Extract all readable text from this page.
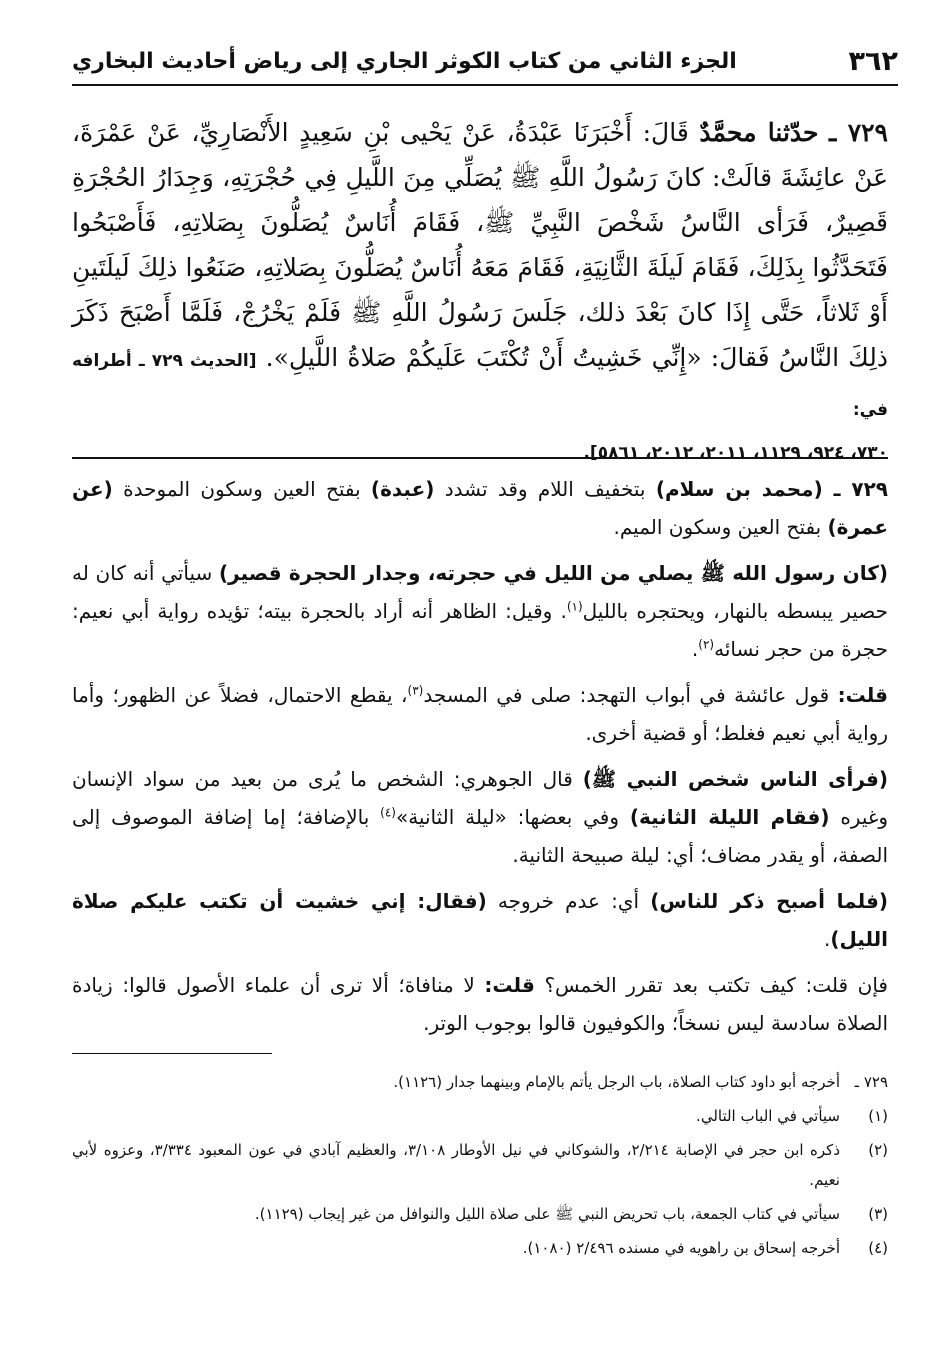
٣٦٢
الجزء الثاني من كتاب الكوثر الجاري إلى رياض أحاديث البخاري
٧٢٩ ـ حدّثنا محمَّدٌ قَالَ: أَخْبَرَنَا عَبْدَةُ، عَنْ يَحْيى بْنِ سَعِيدٍ الأَنْصَارِيِّ، عَنْ عَمْرَةَ، عَنْ عائِشَةَ قالَتْ: كانَ رَسُولُ اللَّهِ ﷺ يُصَلِّي مِنَ اللَّيلِ فِي حُجْرَتِهِ، وَجِدَارُ الحُجْرَةِ قَصِيرٌ، فَرَأى النَّاسُ شَخْصَ النَّبِيِّ ﷺ، فَقَامَ أُنَاسٌ يُصَلُّونَ بِصَلاتِهِ، فَأَصْبَحُوا فَتَحَدَّثُوا بِذَلِكَ، فَقَامَ لَيلَةَ الثَّانِيَةِ، فَقَامَ مَعَهُ أُنَاسٌ يُصَلُّونَ بِصَلاتِهِ، صَنَعُوا ذلِكَ لَيلَتَينِ أَوْ ثَلاثاً، حَتَّى إِذَا كانَ بَعْدَ ذلك، جَلَسَ رَسُولُ اللَّهِ ﷺ فَلَمْ يَخْرُجْ، فَلَمَّا أَصْبَحَ ذَكَرَ ذلِكَ النَّاسُ فَقالَ: «إِنِّي خَشِيتُ أَنْ تُكْتَبَ عَلَيكُمْ صَلاةُ اللَّيلِ». [الحديث ٧٢٩ ـ أطرافه في:
٧٣٠، ٩٢٤، ١١٢٩، ٢٠١١، ٢٠١٢، ٥٨٦١].

٧٢٩ ـ (محمد بن سلام) بتخفيف اللام وقد تشدد (عبدة) بفتح العين وسكون الموحدة (عن عمرة) بفتح العين وسكون الميم.

(كان رسول الله ﷺ يصلي من الليل في حجرته، وجدار الحجرة قصير) سيأتي أنه كان له حصير يبسطه بالنهار، ويحتجره بالليل$^{(١)}$. وقيل: الظاهر أنه أراد بالحجرة بيته؛ تؤيده رواية أبي نعيم: حجرة من حجر نسائه$^{(٢)}$.

قلت: قول عائشة في أبواب التهجد: صلى في المسجد$^{(٣)}$، يقطع الاحتمال، فضلاً عن الظهور؛ وأما رواية أبي نعيم فغلط؛ أو قضية أخرى.

(فرأى الناس شخص النبي ﷺ) قال الجوهري: الشخص ما يُرى من بعيد من سواد الإنسان وغيره (فقام الليلة الثانية) وفي بعضها: «ليلة الثانية»$^{(٤)}$ بالإضافة؛ إما إضافة الموصوف إلى الصفة، أو يقدر مضاف؛ أي: ليلة صبيحة الثانية.

(فلما أصبح ذكر للناس) أي: عدم خروجه (فقال: إني خشيت أن تكتب عليكم صلاة الليل).

فإن قلت: كيف تكتب بعد تقرر الخمس؟ قلت: لا منافاة؛ ألا ترى أن علماء الأصول قالوا: زيادة الصلاة سادسة ليس نسخاً؛ والكوفيون قالوا بوجوب الوتر.

٧٢٩ ـ
أخرجه أبو داود كتاب الصلاة، باب الرجل يأتم بالإمام وبينهما جدار (١١٢٦).
(١)
سيأتي في الباب التالي.
(٢)
ذكره ابن حجر في الإصابة ٢/٢١٤، والشوكاني في نيل الأوطار ٣/١٠٨، والعظيم آبادي في عون المعبود ٣/٣٣٤، وعزوه لأبي نعيم.
(٣)
سيأتي في كتاب الجمعة، باب تحريض النبي ﷺ على صلاة الليل والنوافل من غير إيجاب (١١٢٩).
(٤)
أخرجه إسحاق بن راهويه في مسنده ٢/٤٩٦ (١٠٨٠).
